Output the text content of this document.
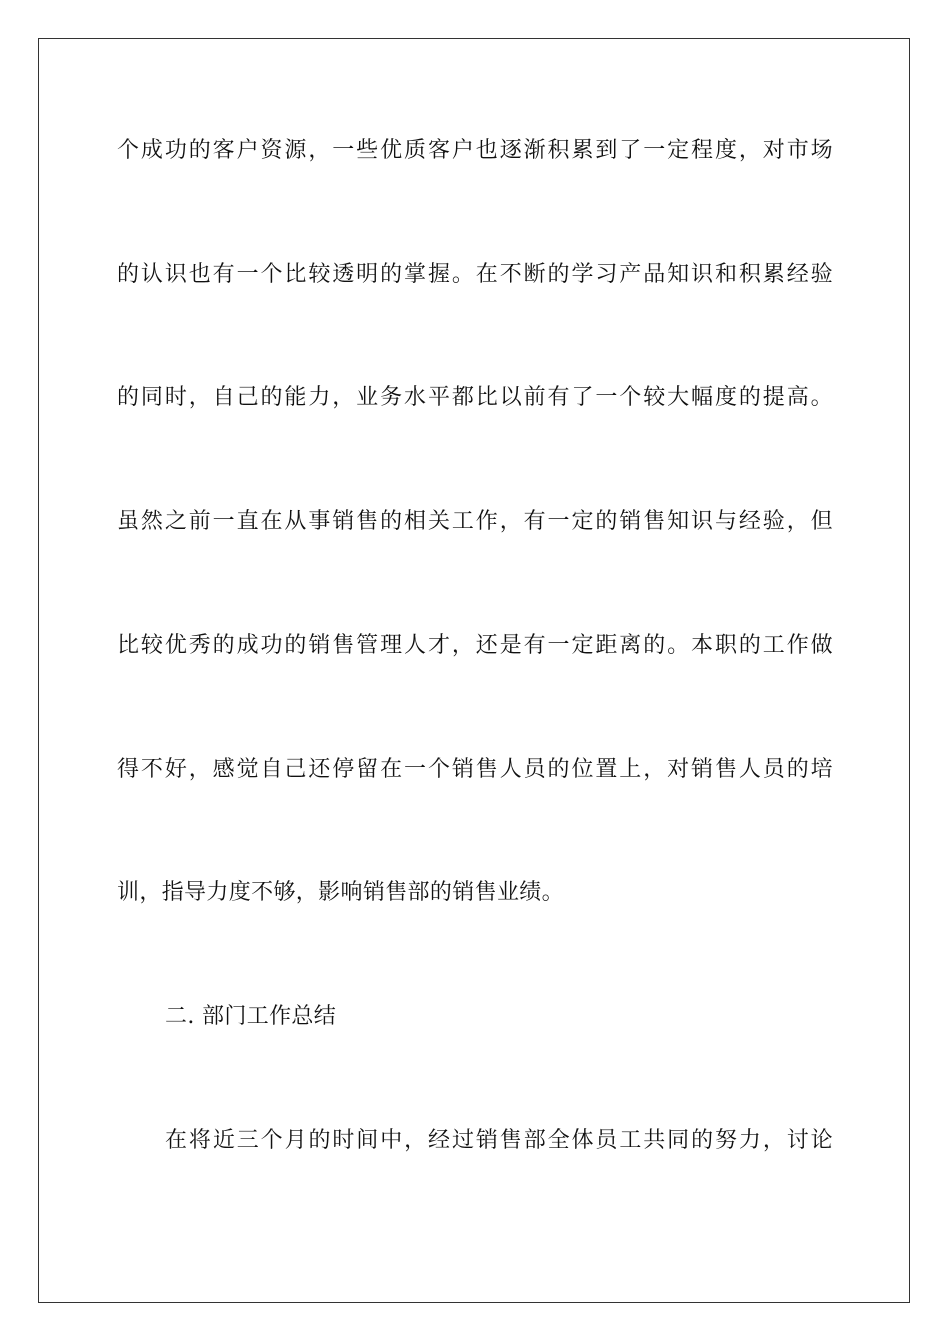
个成功的客户资源，一些优质客户也逐渐积累到了一定程度，对市场
的认识也有一个比较透明的掌握。在不断的学习产品知识和积累经验
的同时，自己的能力，业务水平都比以前有了一个较大幅度的提高。
虽然之前一直在从事销售的相关工作，有一定的销售知识与经验，但
比较优秀的成功的销售管理人才，还是有一定距离的。本职的工作做
得不好，感觉自己还停留在一个销售人员的位置上，对销售人员的培
训，指导力度不够，影响销售部的销售业绩。
二. 部门工作总结
在将近三个月的时间中，经过销售部全体员工共同的努力，讨论
